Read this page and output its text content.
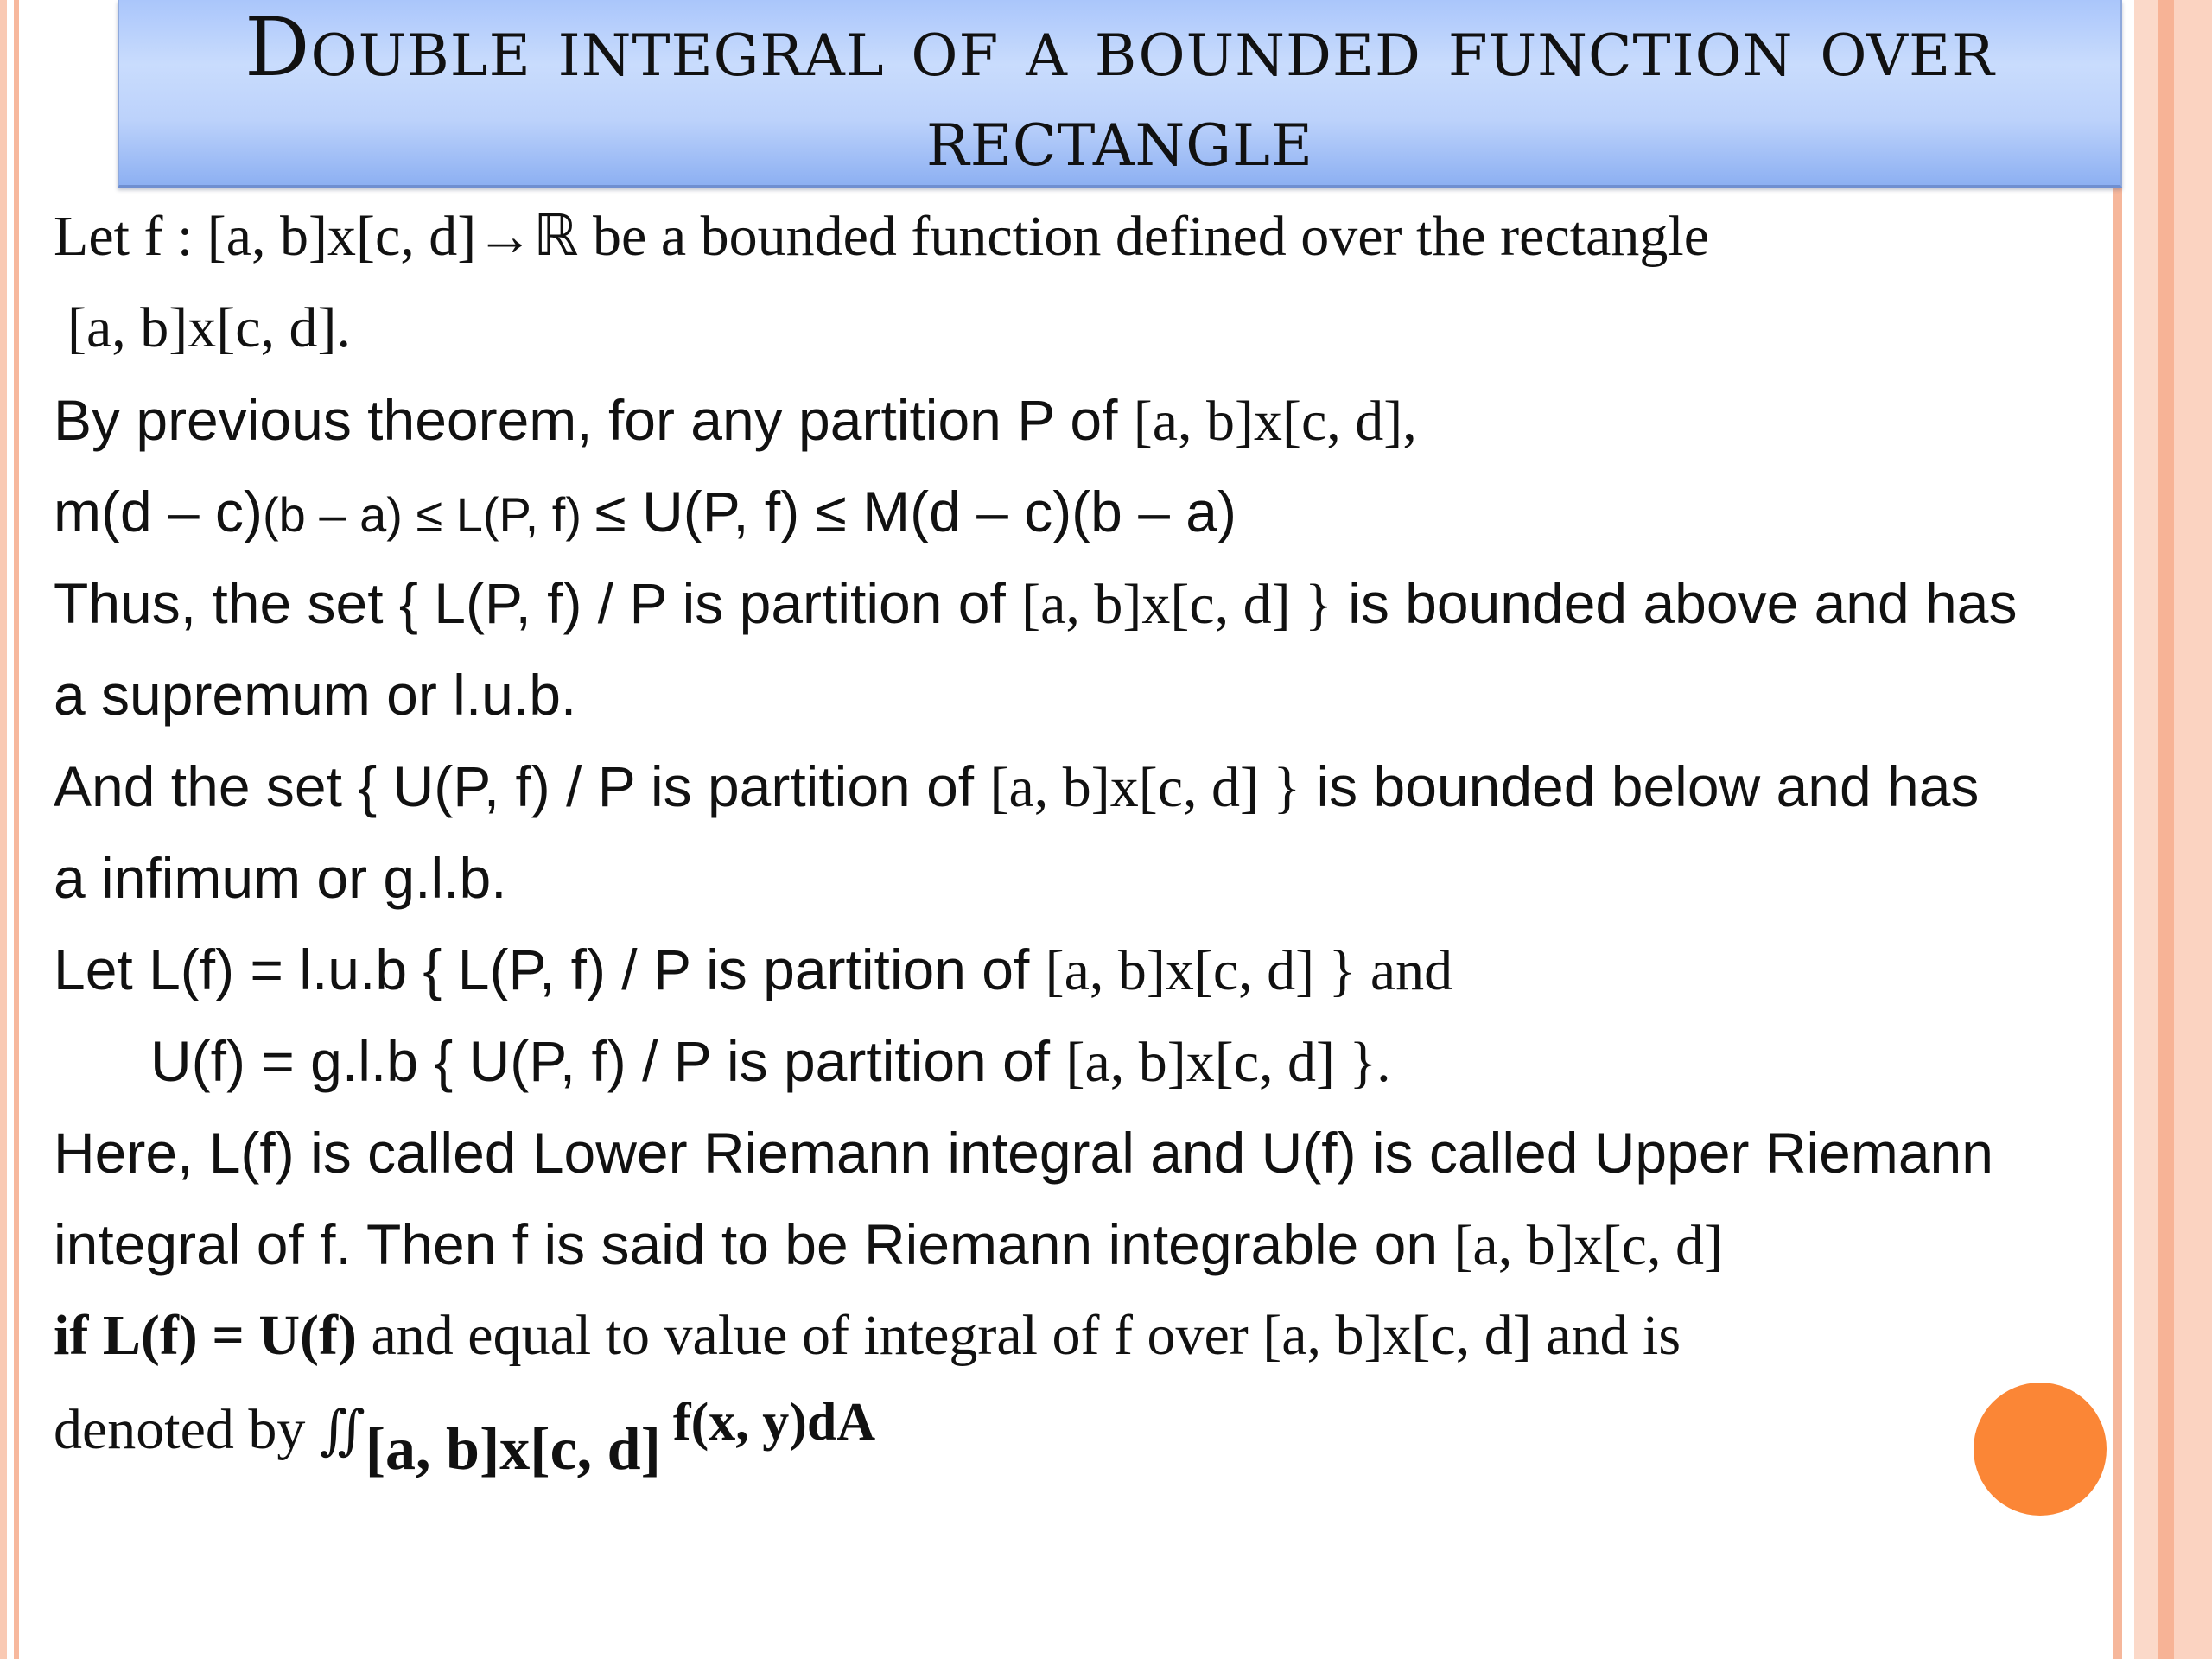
Double integral of a bounded function over
rectangle
Let f : [a, b]x[c, d]→ℝ be a bounded function defined over the rectangle
[a, b]x[c, d].
By previous theorem, for any partition P of [a, b]x[c, d],
m(d – c)(b – a) ≤ L(P, f) ≤ U(P, f) ≤ M(d – c)(b – a)
Thus, the set { L(P, f) / P is partition of [a, b]x[c, d] } is bounded above and has
a supremum or l.u.b.
And the set { U(P, f) / P is partition of [a, b]x[c, d] } is bounded below and has
a infimum or g.l.b.
Let L(f) = l.u.b { L(P, f) / P is partition of [a, b]x[c, d] } and
U(f) = g.l.b { U(P, f) / P is partition of [a, b]x[c, d] }.
Here, L(f) is called Lower Riemann integral and U(f) is called Upper Riemann
integral of f. Then f is said to be Riemann integrable on [a, b]x[c, d]
if L(f) = U(f) and equal to value of integral of f over [a, b]x[c, d] and is
denoted by ∬[a, b]x[c, d] f(x, y)dA
